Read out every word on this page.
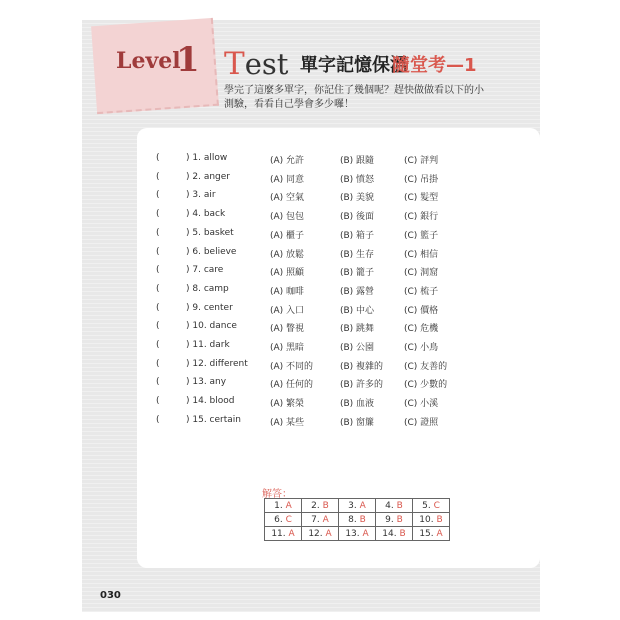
Level
1 Test 單字記憶保溫
隨堂考—1
學完了這麼多單字，你記住了幾個呢？趕快做做看以下的小測驗，看看自己學會多少囉！
(	) 1. allow	(A) 允許	(B) 跟隨	(C) 評判
(	) 2. anger	(A) 同意	(B) 憤怒	(C) 吊掛
(	) 3. air	(A) 空氣	(B) 美貌	(C) 髮型
(	) 4. back	(A) 包包	(B) 後面	(C) 銀行
(	) 5. basket	(A) 櫃子	(B) 箱子	(C) 籃子
(	) 6. believe	(A) 放鬆	(B) 生存	(C) 相信
(	) 7. care	(A) 照顧	(B) 籠子	(C) 洞窟
(	) 8. camp	(A) 咖啡	(B) 露營	(C) 梳子
(	) 9. center	(A) 入口	(B) 中心	(C) 價格
(	) 10. dance	(A) 瞥視	(B) 跳舞	(C) 危機
(	) 11. dark	(A) 黑暗	(B) 公園	(C) 小鳥
(	) 12. different (A) 不同的	(B) 複雜的 (C) 友善的
(	) 13. any	(A) 任何的	(B) 許多的 (C) 少數的
(	) 14. blood	(A) 繁榮	(B) 血液	(C) 小溪
(	) 15. certain	(A) 某些	(B) 窗簾	(C) 證照
解答：
1. A	2. B	3. A	4. B	5. C
6. C	7. A	8. B	9. B	10. B
11. A	12. A	13. A	14. B	15. A
030
